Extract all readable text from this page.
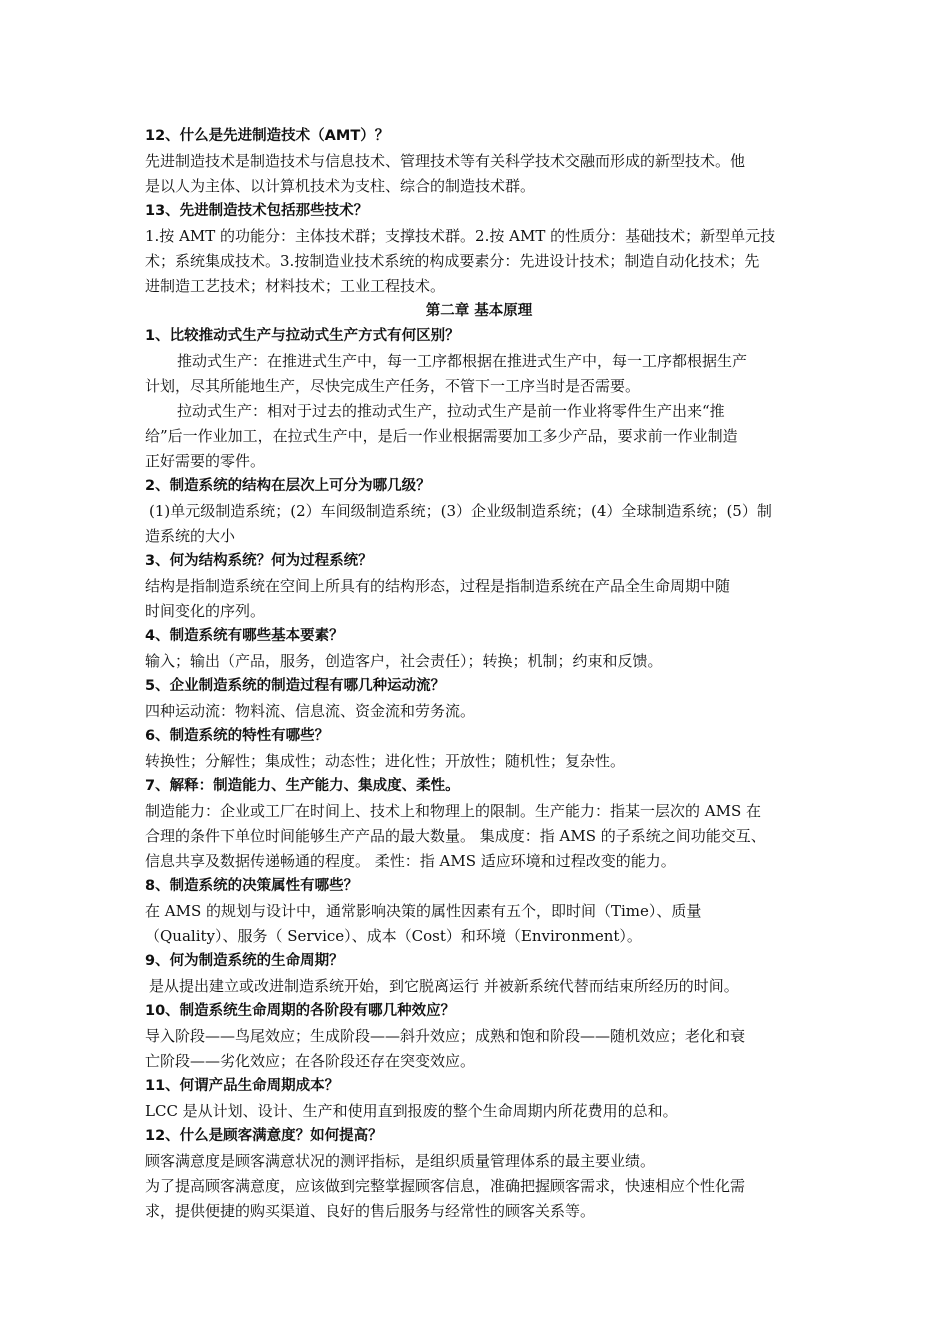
12、什么是先进制造技术（AMT）？
先进制造技术是制造技术与信息技术、管理技术等有关科学技术交融而形成的新型技术。他
是以人为主体、以计算机技术为支柱、综合的制造技术群。
13、先进制造技术包括那些技术？
1.按 AMT 的功能分：主体技术群；支撑技术群。2.按 AMT 的性质分：基础技术；新型单元技
术；系统集成技术。3.按制造业技术系统的构成要素分：先进设计技术；制造自动化技术；先
进制造工艺技术；材料技术；工业工程技术。
第二章 基本原理
1、比较推动式生产与拉动式生产方式有何区别？
推动式生产：在推进式生产中，每一工序都根据在推进式生产中，每一工序都根据生产
计划，尽其所能地生产，尽快完成生产任务，不管下一工序当时是否需要。
拉动式生产：相对于过去的推动式生产，拉动式生产是前一作业将零件生产出来“推
给”后一作业加工，在拉式生产中，是后一作业根据需要加工多少产品，要求前一作业制造
正好需要的零件。
2、制造系统的结构在层次上可分为哪几级？
(1)单元级制造系统；(2）车间级制造系统；(3）企业级制造系统；(4）全球制造系统；(5）制
造系统的大小
3、何为结构系统？何为过程系统？
结构是指制造系统在空间上所具有的结构形态，过程是指制造系统在产品全生命周期中随
时间变化的序列。
4、制造系统有哪些基本要素？
输入；输出（产品，服务，创造客户，社会责任）；转换；机制；约束和反馈。
5、企业制造系统的制造过程有哪几种运动流？
四种运动流：物料流、信息流、资金流和劳务流。
6、制造系统的特性有哪些？
转换性；分解性；集成性；动态性；进化性；开放性；随机性；复杂性。
7、解释：制造能力、生产能力、集成度、柔性。
制造能力：企业或工厂在时间上、技术上和物理上的限制。生产能力：指某一层次的 AMS 在
合理的条件下单位时间能够生产产品的最大数量。 集成度：指 AMS 的子系统之间功能交互、
信息共享及数据传递畅通的程度。 柔性：指 AMS 适应环境和过程改变的能力。
8、制造系统的决策属性有哪些？
在 AMS 的规划与设计中，通常影响决策的属性因素有五个，即时间（Time）、质量
（Quality）、服务（ Service）、成本（Cost）和环境（Environment）。
9、何为制造系统的生命周期？
是从提出建立或改进制造系统开始，到它脱离运行 并被新系统代替而结束所经历的时间。
10、制造系统生命周期的各阶段有哪几种效应？
导入阶段——鸟尾效应；生成阶段——斜升效应；成熟和饱和阶段——随机效应；老化和衰
亡阶段——劣化效应；在各阶段还存在突变效应。
11、何谓产品生命周期成本？
LCC 是从计划、设计、生产和使用直到报废的整个生命周期内所花费用的总和。
12、什么是顾客满意度？如何提高？
顾客满意度是顾客满意状况的测评指标，是组织质量管理体系的最主要业绩。
为了提高顾客满意度，应该做到完整掌握顾客信息，准确把握顾客需求，快速相应个性化需
求，提供便捷的购买渠道、良好的售后服务与经常性的顾客关系等。
